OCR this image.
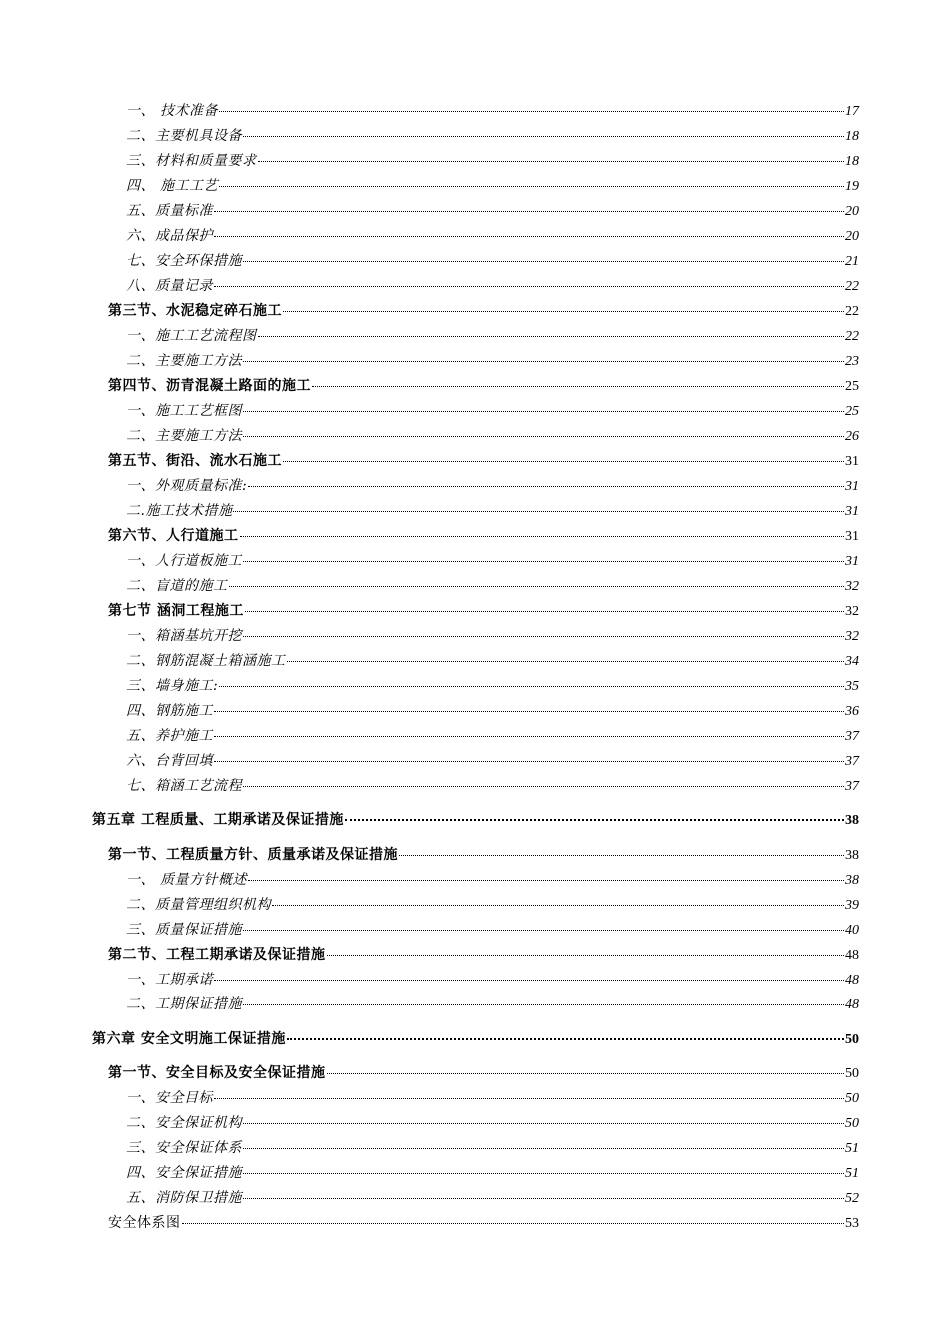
一、 技术准备	17
二、主要机具设备	18
三、材料和质量要求	18
四、 施工工艺	19
五、质量标准	20
六、成品保护	20
七、安全环保措施	21
八、质量记录	22
第三节、水泥稳定碎石施工	22
一、施工工艺流程图	22
二、主要施工方法	23
第四节、沥青混凝土路面的施工	25
一、施工工艺框图	25
二、主要施工方法	26
第五节、街沿、流水石施工	31
一、外观质量标准:	31
二.施工技术措施	31
第六节、人行道施工	31
一、人行道板施工	31
二、盲道的施工	32
第七节 涵洞工程施工	32
一、箱涵基坑开挖	32
二、钢筋混凝土箱涵施工	34
三、墙身施工:	35
四、钢筋施工	36
五、养护施工	37
六、台背回填	37
七、箱涵工艺流程	37
第五章 工程质量、工期承诺及保证措施	38
第一节、工程质量方针、质量承诺及保证措施	38
一、 质量方针概述	38
二、质量管理组织机构	39
三、质量保证措施	40
第二节、工程工期承诺及保证措施	48
一、工期承诺	48
二、工期保证措施	48
第六章 安全文明施工保证措施	50
第一节、安全目标及安全保证措施	50
一、安全目标	50
二、安全保证机构	50
三、安全保证体系	51
四、安全保证措施	51
五、消防保卫措施	52
安全体系图	53
